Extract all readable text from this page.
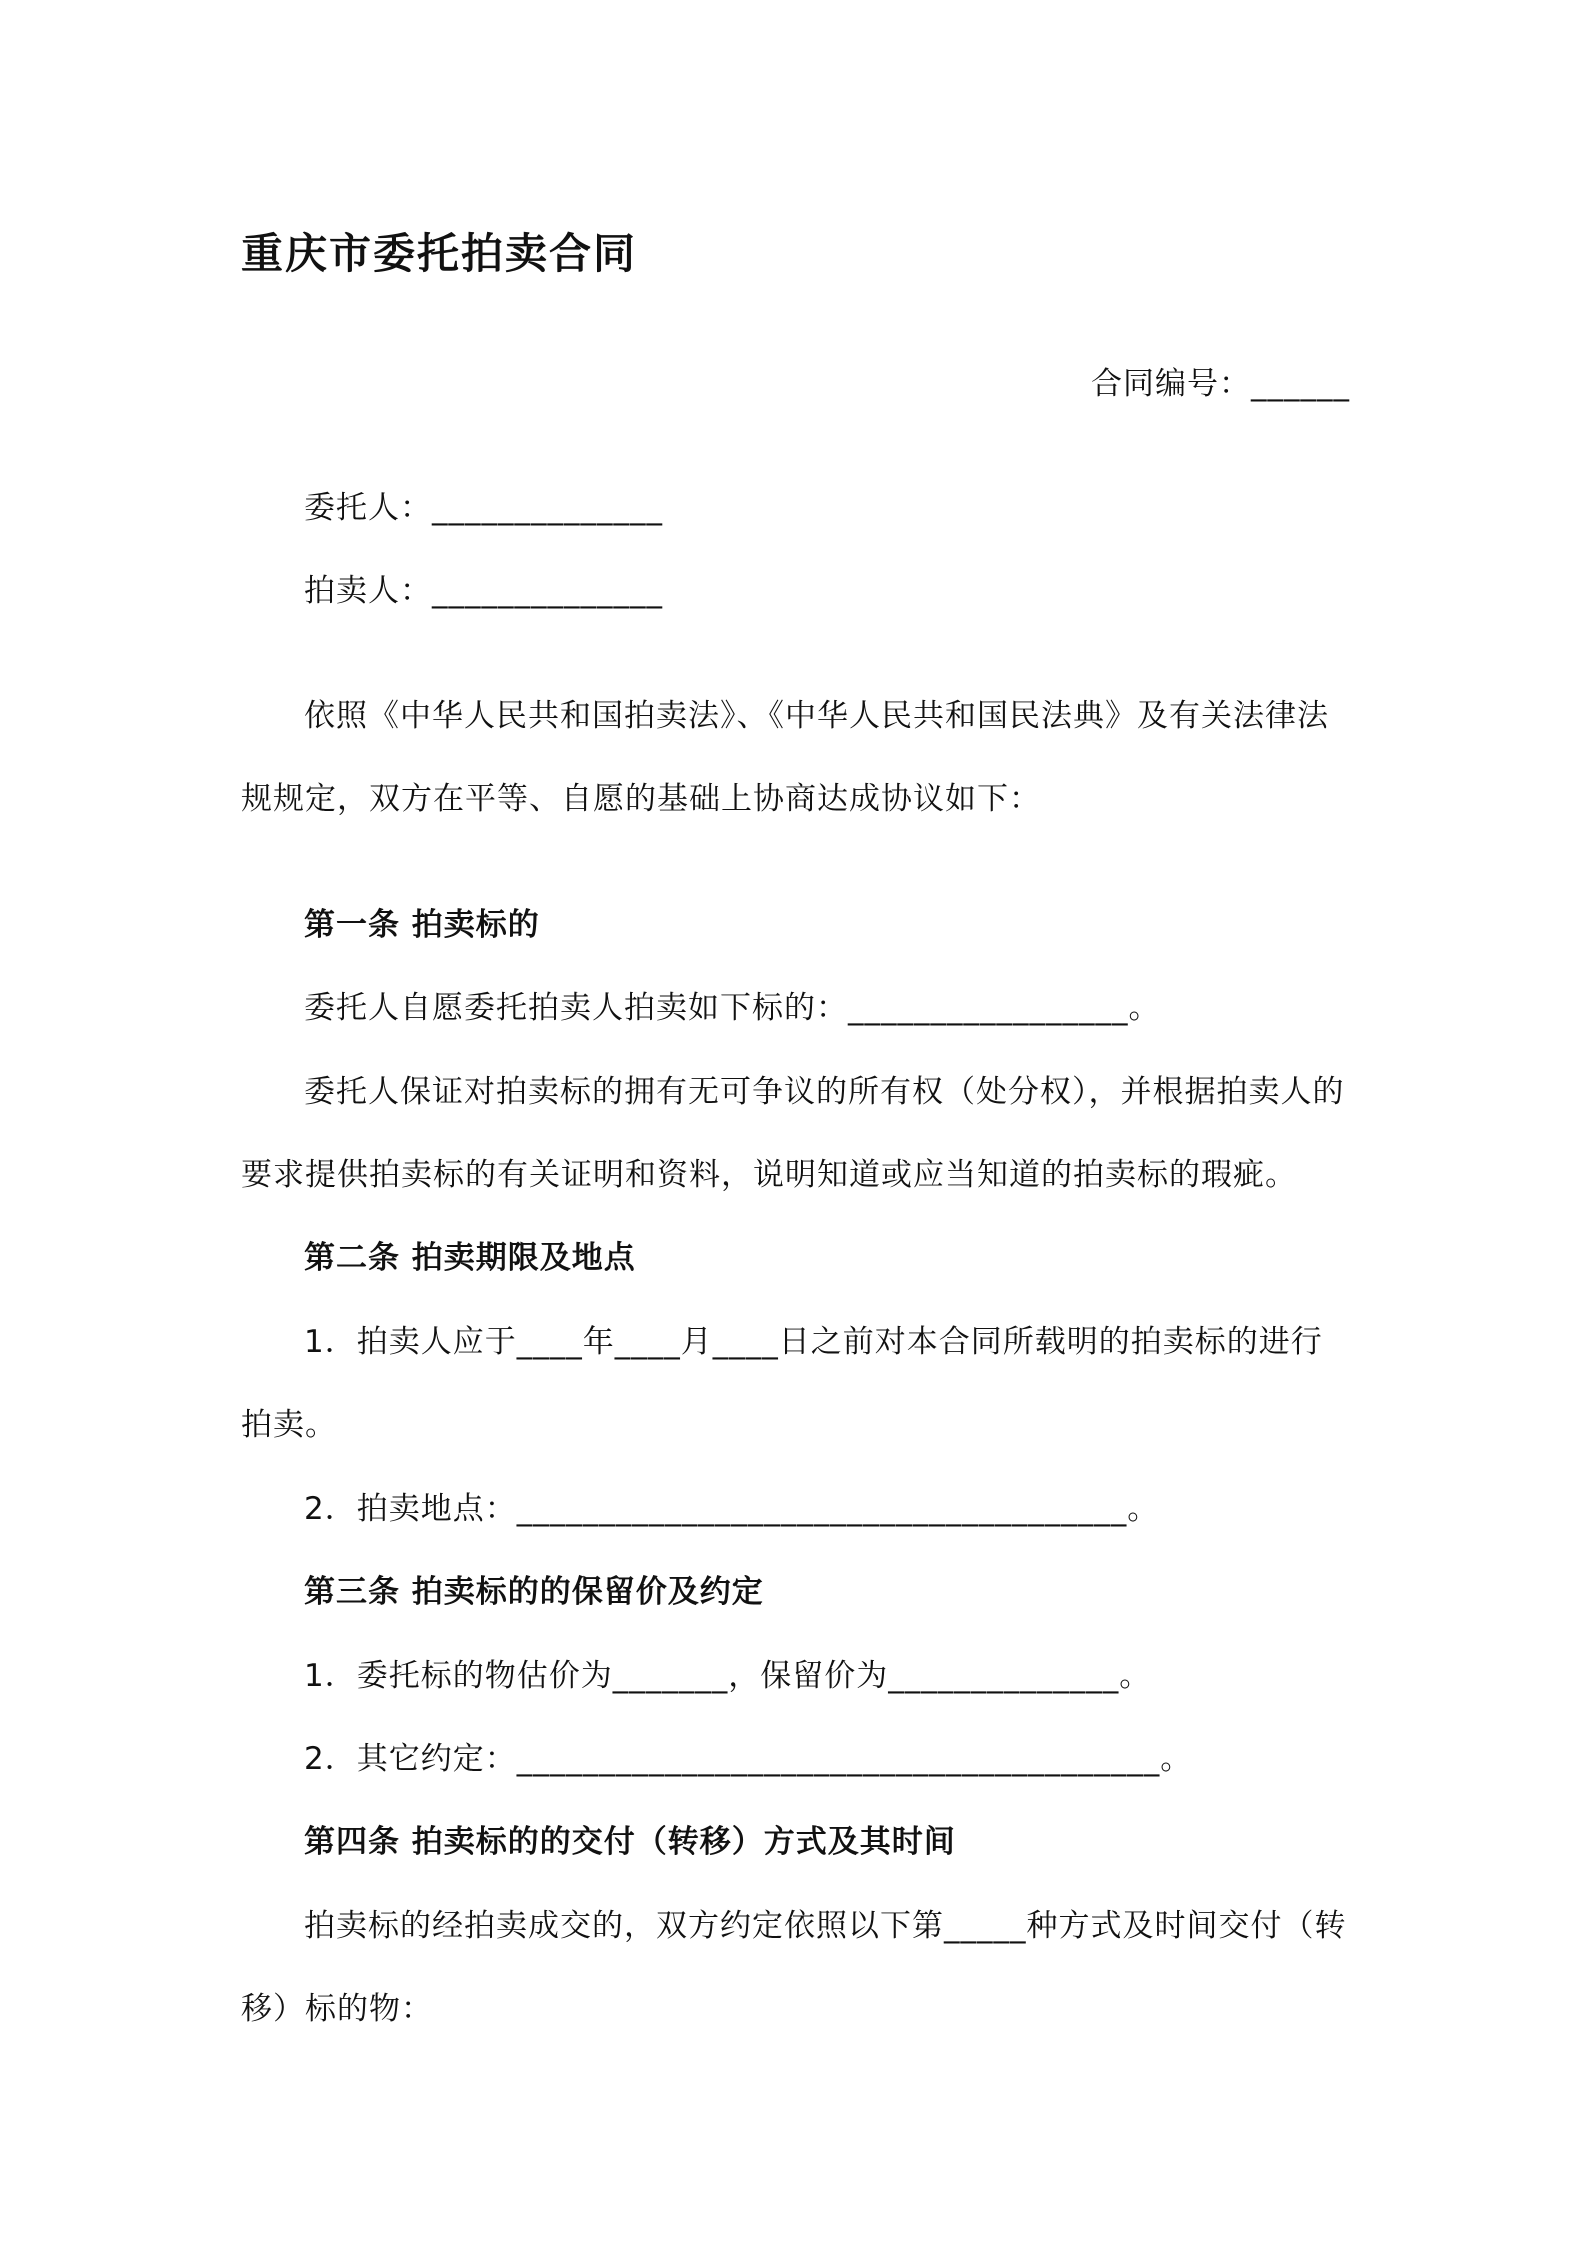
重庆市委托拍卖合同
合同编号：______
委托人：______________
拍卖人：______________
依照《中华人民共和国拍卖法》、《中华人民共和国民法典》及有关法律法
规规定，双方在平等、自愿的基础上协商达成协议如下：
第一条 拍卖标的
委托人自愿委托拍卖人拍卖如下标的：_________________。
委托人保证对拍卖标的拥有无可争议的所有权（处分权），并根据拍卖人的
要求提供拍卖标的有关证明和资料，说明知道或应当知道的拍卖标的瑕疵。
第二条 拍卖期限及地点
1．拍卖人应于____年____月____日之前对本合同所载明的拍卖标的进行
拍卖。
2．拍卖地点：_____________________________________。
第三条 拍卖标的的保留价及约定
1．委托标的物估价为_______，保留价为______________。
2．其它约定：_______________________________________。
第四条 拍卖标的的交付（转移）方式及其时间
拍卖标的经拍卖成交的，双方约定依照以下第_____种方式及时间交付（转
移）标的物：
